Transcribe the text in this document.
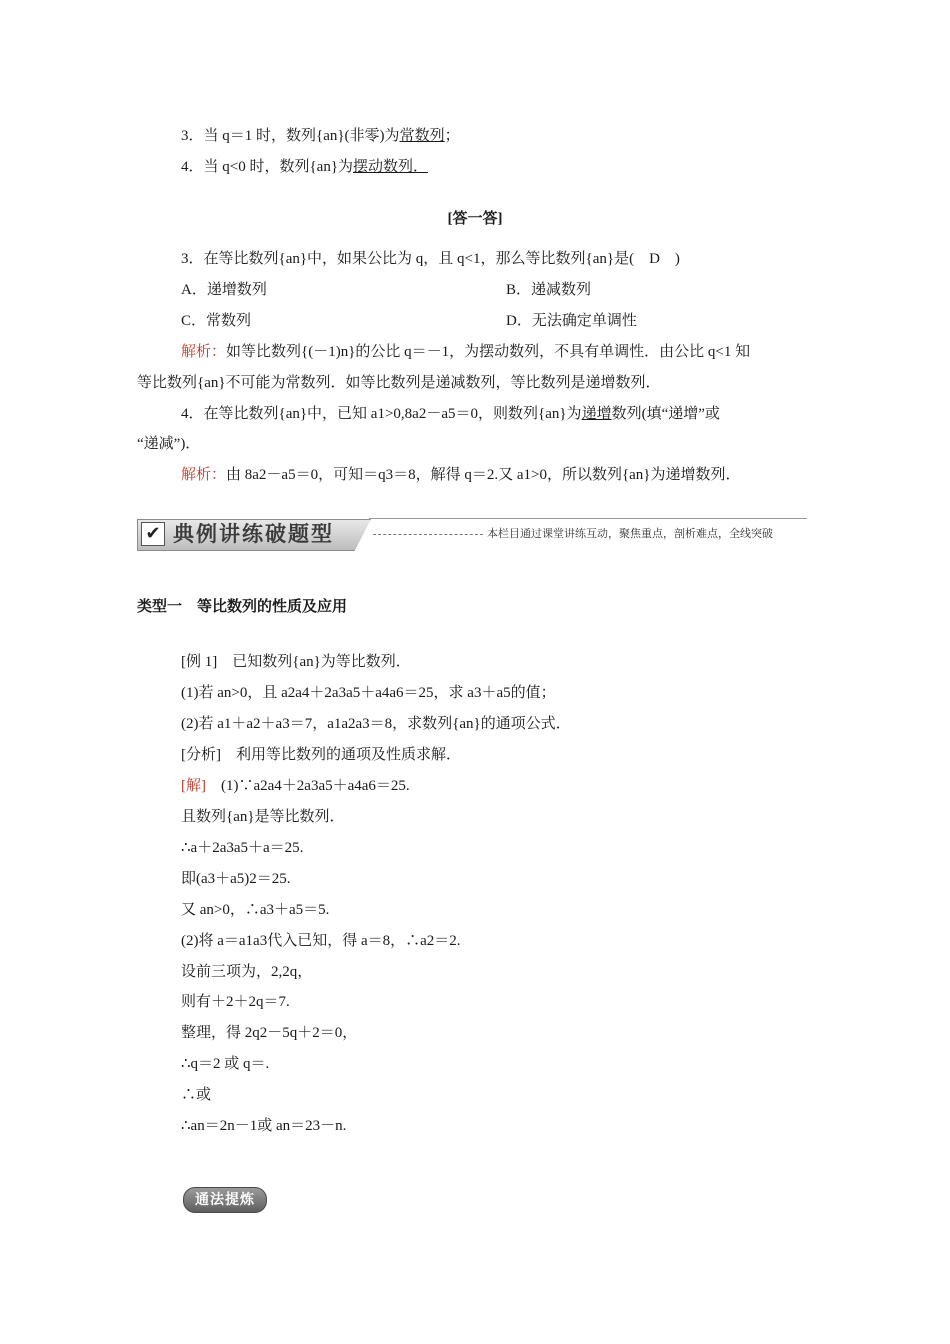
3．当 q＝1 时，数列{an}(非零)为常数列；
4．当 q<0 时，数列{an}为摆动数列．
[答一答]
3．在等比数列{an}中，如果公比为 q，且 q<1，那么等比数列{an}是(　D　)
A．递增数列	B．递减数列
C．常数列	D．无法确定单调性
解析：如等比数列{(－1)n}的公比 q＝－1，为摆动数列，不具有单调性．由公比 q<1 知
等比数列{an}不可能为常数列．如等比数列是递减数列，等比数列是递增数列．
4．在等比数列{an}中，已知 a1>0,8a2－a5＝0，则数列{an}为递增数列(填“递增”或
“递减”)．
解析：由 8a2－a5＝0，可知＝q3＝8，解得 q＝2.又 a1>0，所以数列{an}为递增数列．
✔ 典例讲练破题型	本栏目通过课堂讲练互动，聚焦重点，剖析难点，全线突破
类型一　等比数列的性质及应用
[例 1]　已知数列{an}为等比数列．
(1)若 an>0，且 a2a4＋2a3a5＋a4a6＝25，求 a3＋a5的值；
(2)若 a1＋a2＋a3＝7，a1a2a3＝8，求数列{an}的通项公式．
[分析]　利用等比数列的通项及性质求解．
[解]　(1)∵a2a4＋2a3a5＋a4a6＝25.
且数列{an}是等比数列．
∴a＋2a3a5＋a＝25.
即(a3＋a5)2＝25.
又 an>0，∴a3＋a5＝5.
(2)将 a＝a1a3代入已知，得 a＝8，∴a2＝2.
设前三项为，2,2q，
则有＋2＋2q＝7.
整理，得 2q2－5q＋2＝0，
∴q＝2 或 q＝.
∴或
∴an＝2n－1或 an＝23－n.
通法提炼
